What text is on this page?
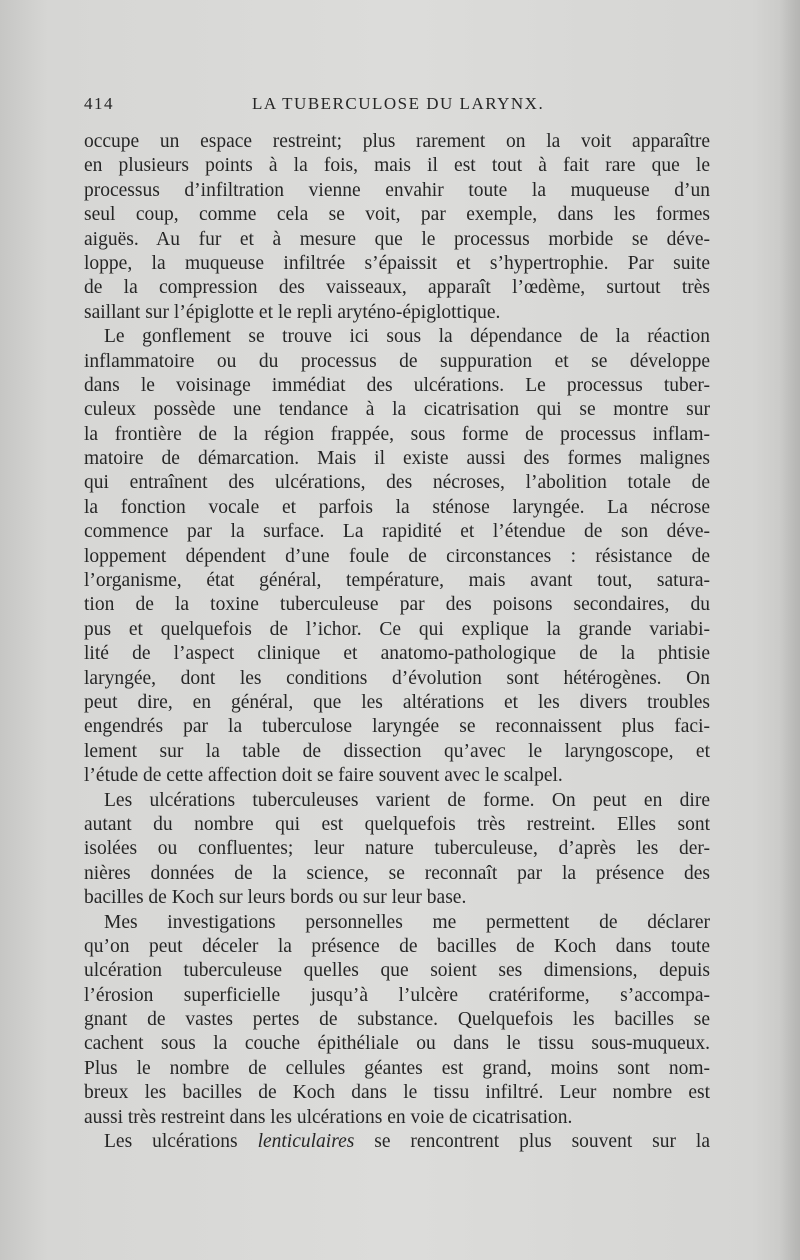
414	LA TUBERCULOSE DU LARYNX.
occupe un espace restreint; plus rarement on la voit apparaître
en plusieurs points à la fois, mais il est tout à fait rare que le
processus d’infiltration vienne envahir toute la muqueuse d’un
seul coup, comme cela se voit, par exemple, dans les formes
aiguës. Au fur et à mesure que le processus morbide se déve-
loppe, la muqueuse infiltrée s’épaissit et s’hypertrophie. Par suite
de la compression des vaisseaux, apparaît l’œdème, surtout très
saillant sur l’épiglotte et le repli aryténo-épiglottique.
Le gonflement se trouve ici sous la dépendance de la réaction
inflammatoire ou du processus de suppuration et se développe
dans le voisinage immédiat des ulcérations. Le processus tuber-
culeux possède une tendance à la cicatrisation qui se montre sur
la frontière de la région frappée, sous forme de processus inflam-
matoire de démarcation. Mais il existe aussi des formes malignes
qui entraînent des ulcérations, des nécroses, l’abolition totale de
la fonction vocale et parfois la sténose laryngée. La nécrose
commence par la surface. La rapidité et l’étendue de son déve-
loppement dépendent d’une foule de circonstances : résistance de
l’organisme, état général, température, mais avant tout, satura-
tion de la toxine tuberculeuse par des poisons secondaires, du
pus et quelquefois de l’ichor. Ce qui explique la grande variabi-
lité de l’aspect clinique et anatomo-pathologique de la phtisie
laryngée, dont les conditions d’évolution sont hétérogènes. On
peut dire, en général, que les altérations et les divers troubles
engendrés par la tuberculose laryngée se reconnaissent plus faci-
lement sur la table de dissection qu’avec le laryngoscope, et
l’étude de cette affection doit se faire souvent avec le scalpel.
Les ulcérations tuberculeuses varient de forme. On peut en dire
autant du nombre qui est quelquefois très restreint. Elles sont
isolées ou confluentes; leur nature tuberculeuse, d’après les der-
nières données de la science, se reconnaît par la présence des
bacilles de Koch sur leurs bords ou sur leur base.
Mes investigations personnelles me permettent de déclarer
qu’on peut déceler la présence de bacilles de Koch dans toute
ulcération tuberculeuse quelles que soient ses dimensions, depuis
l’érosion superficielle jusqu’à l’ulcère cratériforme, s’accompa-
gnant de vastes pertes de substance. Quelquefois les bacilles se
cachent sous la couche épithéliale ou dans le tissu sous-muqueux.
Plus le nombre de cellules géantes est grand, moins sont nom-
breux les bacilles de Koch dans le tissu infiltré. Leur nombre est
aussi très restreint dans les ulcérations en voie de cicatrisation.
Les ulcérations lenticulaires se rencontrent plus souvent sur la
